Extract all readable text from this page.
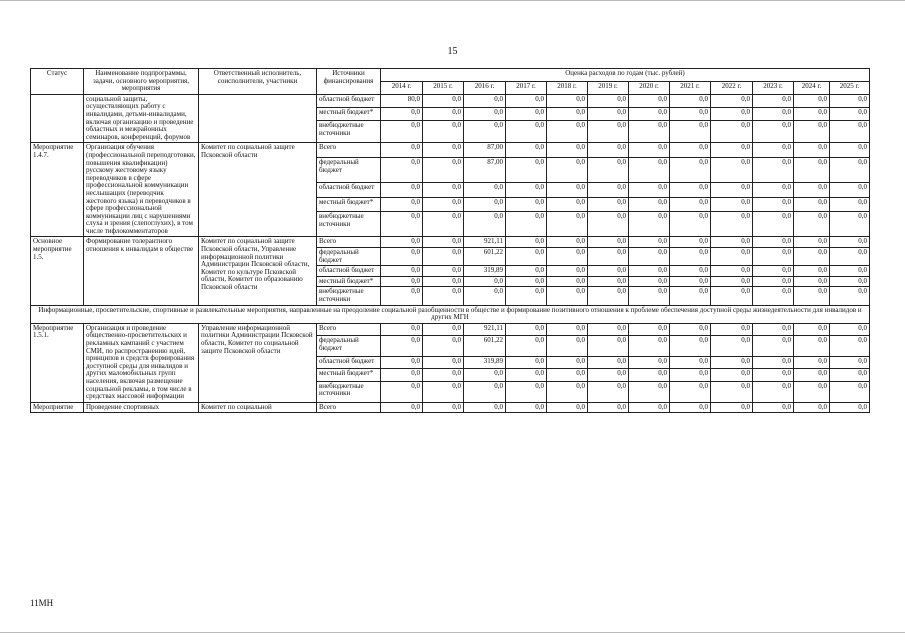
15
Статус	Наименование подпрограммы, задачи, основного мероприятия, мероприятия	Ответственный исполнитель, соисполнители, участники	Источники финансирования	Оценка расходов по годам (тыс. рублей)											
				2014 г.	2015 г.	2016 г.	2017 г.	2018 г.	2019 г.	2020 г.	2021 г.	2022 г.	2023 г.	2024 г.	2025 г.
	социальной защиты, осуществляющих работу с инвалидами, детьми-инвалидами, включая организацию и проведение областных и межрайонных семинаров, конференций, форумов		областной бюджет	80,0	0,0	0,0	0,0	0,0	0,0	0,0	0,0	0,0	0,0	0,0	0,0
			местный бюджет*	0,0	0,0	0,0	0,0	0,0	0,0	0,0	0,0	0,0	0,0	0,0	0,0
			внебюджетные источники	0,0	0,0	0,0	0,0	0,0	0,0	0,0	0,0	0,0	0,0	0,0	0,0
Мероприятие 1.4.7.	Организация обучения (профессиональной переподготовки, повышения квалификации) русскому жестовому языку переводчиков в сфере профессиональной коммуникации неслышащих (переводчик жестового языка) и переводчиков в сфере профессиональной коммуникации лиц с нарушениями слуха и зрения (слепоглухих), в том числе тифлокомментаторов	Комитет по социальной защите Псковской области	Всего	0,0	0,0	87,00	0,0	0,0	0,0	0,0	0,0	0,0	0,0	0,0	0,0
			федеральный бюджет	0,0	0,0	87,00	0,0	0,0	0,0	0,0	0,0	0,0	0,0	0,0	0,0
			областной бюджет	0,0	0,0	0,0	0,0	0,0	0,0	0,0	0,0	0,0	0,0	0,0	0,0
			местный бюджет*	0,0	0,0	0,0	0,0	0,0	0,0	0,0	0,0	0,0	0,0	0,0	0,0
			внебюджетные источники	0,0	0,0	0,0	0,0	0,0	0,0	0,0	0,0	0,0	0,0	0,0	0,0
Основное мероприятие 1.5.	Формирование толерантного отношения к инвалидам в обществе	Комитет по социальной защите Псковской области, Управление информационной политики Администрации Псковской области, Комитет по культуре Псковской области, Комитет по образованию Псковской области	Всего	0,0	0,0	921,11	0,0	0,0	0,0	0,0	0,0	0,0	0,0	0,0	0,0
			федеральный бюджет	0,0	0,0	601,22	0,0	0,0	0,0	0,0	0,0	0,0	0,0	0,0	0,0
			областной бюджет	0,0	0,0	319,89	0,0	0,0	0,0	0,0	0,0	0,0	0,0	0,0	0,0
			местный бюджет*	0,0	0,0	0,0	0,0	0,0	0,0	0,0	0,0	0,0	0,0	0,0	0,0
			внебюджетные источники	0,0	0,0	0,0	0,0	0,0	0,0	0,0	0,0	0,0	0,0	0,0	0,0
Информационные, просветительские, спортивные и развлекательные мероприятия, направленные на преодоление социальной разобщенности в обществе и формирование позитивного отношения к проблеме обеспечения доступной среды жизнедеятельности для инвалидов и других МГН															
Мероприятие 1.5.1.	Организация и проведение общественно-просветительских и рекламных кампаний с участием СМИ, по распространению идей, принципов и средств формирования доступной среды для инвалидов и других маломобильных групп населения, включая размещение социальной рекламы, в том числе в средствах массовой информации	Управление информационной политики Администрации Псковской области, Комитет по социальной защите Псковской области	Всего	0,0	0,0	921,11	0,0	0,0	0,0	0,0	0,0	0,0	0,0	0,0	0,0
			федеральный бюджет	0,0	0,0	601,22	0,0	0,0	0,0	0,0	0,0	0,0	0,0	0,0	0,0
			областной бюджет	0,0	0,0	319,89	0,0	0,0	0,0	0,0	0,0	0,0	0,0	0,0	0,0
			местный бюджет*	0,0	0,0	0,0	0,0	0,0	0,0	0,0	0,0	0,0	0,0	0,0	0,0
			внебюджетные источники	0,0	0,0	0,0	0,0	0,0	0,0	0,0	0,0	0,0	0,0	0,0	0,0
Мероприятие	Проведение спортивных	Комитет по социальной	Всего	0,0	0,0	0,0	0,0	0,0	0,0	0,0	0,0	0,0	0,0	0,0	0,0
11МН
